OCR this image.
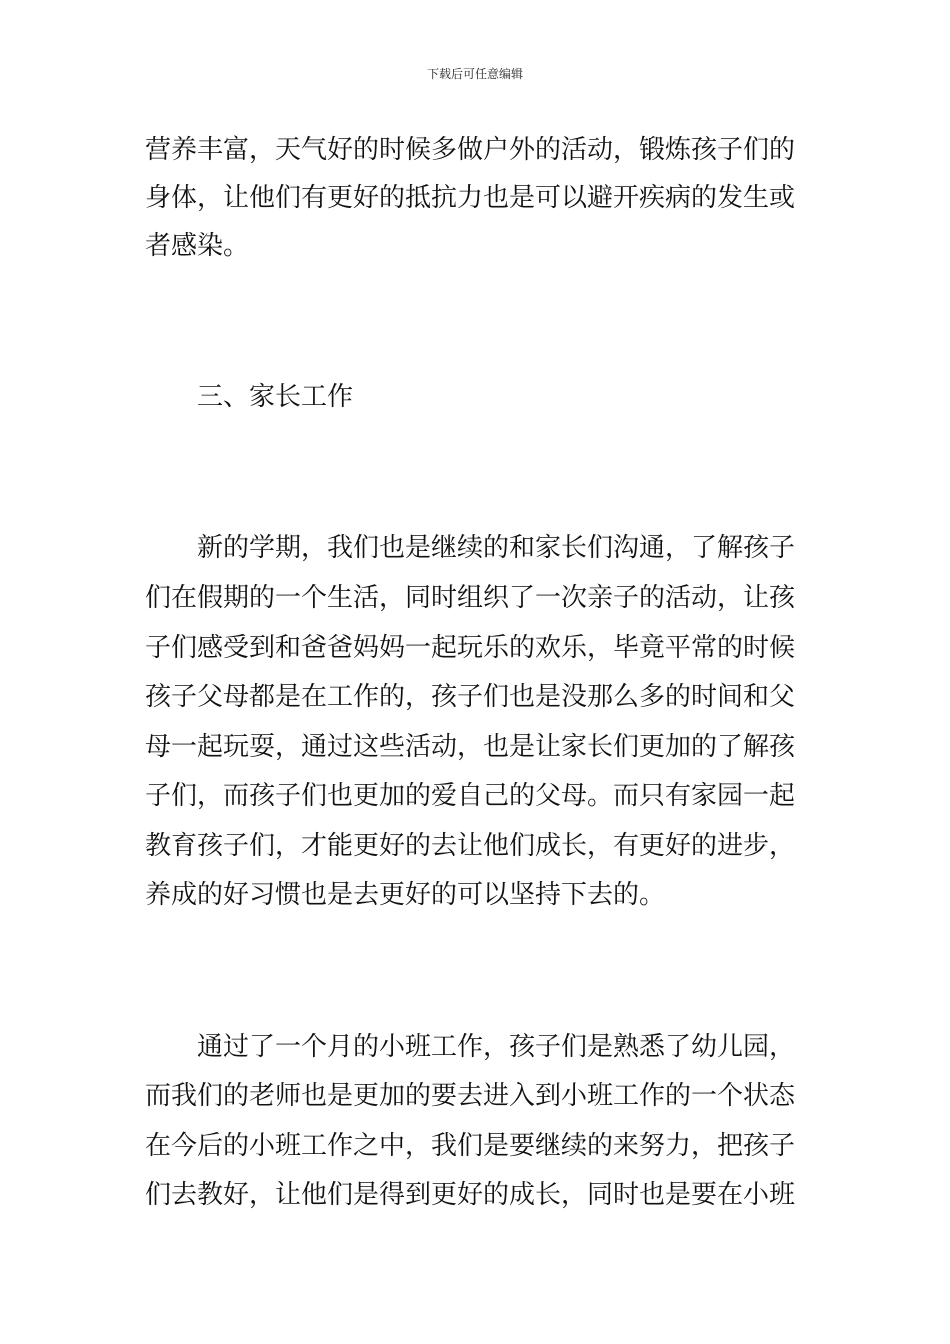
下载后可任意编辑
营养丰富，天气好的时候多做户外的活动，锻炼孩子们的
身体，让他们有更好的抵抗力也是可以避开疾病的发生或
者感染。
　　三、家长工作
　　新的学期，我们也是继续的和家长们沟通，了解孩子
们在假期的一个生活，同时组织了一次亲子的活动，让孩
子们感受到和爸爸妈妈一起玩乐的欢乐，毕竟平常的时候
孩子父母都是在工作的，孩子们也是没那么多的时间和父
母一起玩耍，通过这些活动，也是让家长们更加的了解孩
子们，而孩子们也更加的爱自己的父母。而只有家园一起
教育孩子们，才能更好的去让他们成长，有更好的进步，
养成的好习惯也是去更好的可以坚持下去的。
　　通过了一个月的小班工作，孩子们是熟悉了幼儿园，
而我们的老师也是更加的要去进入到小班工作的一个状态
在今后的小班工作之中，我们是要继续的来努力，把孩子
们去教好，让他们是得到更好的成长，同时也是要在小班
